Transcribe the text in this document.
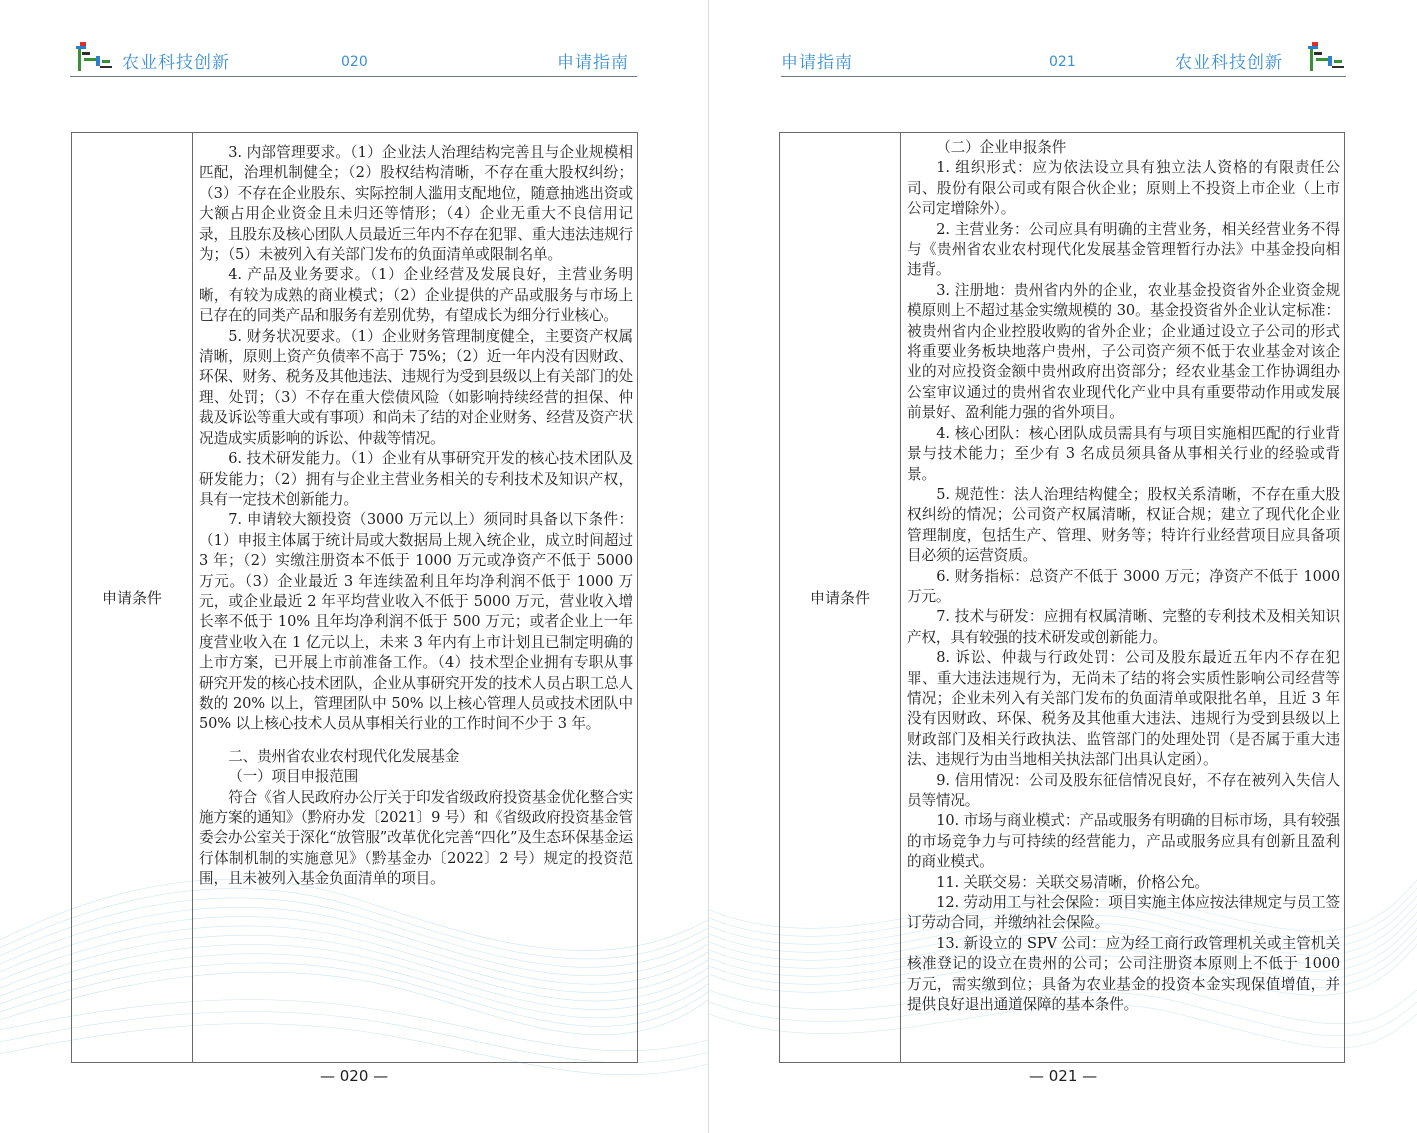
农业科技创新	020	申请指南
申请条件	

3. 内部管理要求。（1）企业法人治理结构完善且与企业规模相匹配，治理机制健全；（2）股权结构清晰，不存在重大股权纠纷；（3）不存在企业股东、实际控制人滥用支配地位，随意抽逃出资或大额占用企业资金且未归还等情形；（4）企业无重大不良信用记录，且股东及核心团队人员最近三年内不存在犯罪、重大违法违规行为；（5）未被列入有关部门发布的负面清单或限制名单。

4. 产品及业务要求。（1）企业经营及发展良好，主营业务明晰，有较为成熟的商业模式；（2）企业提供的产品或服务与市场上已存在的同类产品和服务有差别优势，有望成长为细分行业核心。

5. 财务状况要求。（1）企业财务管理制度健全，主要资产权属清晰，原则上资产负债率不高于 75%；（2）近一年内没有因财政、环保、财务、税务及其他违法、违规行为受到县级以上有关部门的处理、处罚；（3）不存在重大偿债风险（如影响持续经营的担保、仲裁及诉讼等重大或有事项）和尚未了结的对企业财务、经营及资产状况造成实质影响的诉讼、仲裁等情况。

6. 技术研发能力。（1）企业有从事研究开发的核心技术团队及研发能力；（2）拥有与企业主营业务相关的专利技术及知识产权，具有一定技术创新能力。

7. 申请较大额投资（3000 万元以上）须同时具备以下条件：（1）申报主体属于统计局或大数据局上规入统企业，成立时间超过 3 年；（2）实缴注册资本不低于 1000 万元或净资产不低于 5000 万元。（3）企业最近 3 年连续盈利且年均净利润不低于 1000 万元，或企业最近 2 年平均营业收入不低于 5000 万元，营业收入增长率不低于 10% 且年均净利润不低于 500 万元；或者企业上一年度营业收入在 1 亿元以上，未来 3 年内有上市计划且已制定明确的上市方案，已开展上市前准备工作。（4）技术型企业拥有专职从事研究开发的核心技术团队，企业从事研究开发的技术人员占职工总人数的 20% 以上，管理团队中 50% 以上核心管理人员或技术团队中 50% 以上核心技术人员从事相关行业的工作时间不少于 3 年。

二、贵州省农业农村现代化发展基金

（一）项目申报范围

符合《省人民政府办公厅关于印发省级政府投资基金优化整合实施方案的通知》（黔府办发〔2021〕9 号）和《省级政府投资基金管委会办公室关于深化“放管服”改革优化完善“四化”及生态环保基金运行体制机制的实施意见》（黔基金办〔2022〕2 号）规定的投资范围，且未被列入基金负面清单的项目。

— 020 —
申请指南	021	农业科技创新
申请条件	

（二）企业申报条件

1. 组织形式：应为依法设立具有独立法人资格的有限责任公司、股份有限公司或有限合伙企业；原则上不投资上市企业（上市公司定增除外）。

2. 主营业务：公司应具有明确的主营业务，相关经营业务不得与《贵州省农业农村现代化发展基金管理暂行办法》中基金投向相违背。

3. 注册地：贵州省内外的企业，农业基金投资省外企业资金规模原则上不超过基金实缴规模的 30。基金投资省外企业认定标准：被贵州省内企业控股收购的省外企业；企业通过设立子公司的形式将重要业务板块地落户贵州，子公司资产须不低于农业基金对该企业的对应投资金额中贵州政府出资部分；经农业基金工作协调组办公室审议通过的贵州省农业现代化产业中具有重要带动作用或发展前景好、盈利能力强的省外项目。

4. 核心团队：核心团队成员需具有与项目实施相匹配的行业背景与技术能力；至少有 3 名成员须具备从事相关行业的经验或背景。

5. 规范性：法人治理结构健全；股权关系清晰，不存在重大股权纠纷的情况；公司资产权属清晰，权证合规；建立了现代化企业管理制度，包括生产、管理、财务等；特许行业经营项目应具备项目必须的运营资质。

6. 财务指标：总资产不低于 3000 万元；净资产不低于 1000 万元。

7. 技术与研发：应拥有权属清晰、完整的专利技术及相关知识产权，具有较强的技术研发或创新能力。

8. 诉讼、仲裁与行政处罚：公司及股东最近五年内不存在犯罪、重大违法违规行为，无尚未了结的将会实质性影响公司经营等情况；企业未列入有关部门发布的负面清单或限批名单，且近 3 年没有因财政、环保、税务及其他重大违法、违规行为受到县级以上财政部门及相关行政执法、监管部门的处理处罚（是否属于重大违法、违规行为由当地相关执法部门出具认定函）。

9. 信用情况：公司及股东征信情况良好，不存在被列入失信人员等情况。

10. 市场与商业模式：产品或服务有明确的目标市场，具有较强的市场竞争力与可持续的经营能力，产品或服务应具有创新且盈利的商业模式。

11. 关联交易：关联交易清晰，价格公允。

12. 劳动用工与社会保险：项目实施主体应按法律规定与员工签订劳动合同，并缴纳社会保险。

13. 新设立的 SPV 公司：应为经工商行政管理机关或主管机关核准登记的设立在贵州的公司；公司注册资本原则上不低于 1000 万元，需实缴到位；具备为农业基金的投资本金实现保值增值，并提供良好退出通道保障的基本条件。

— 021 —
